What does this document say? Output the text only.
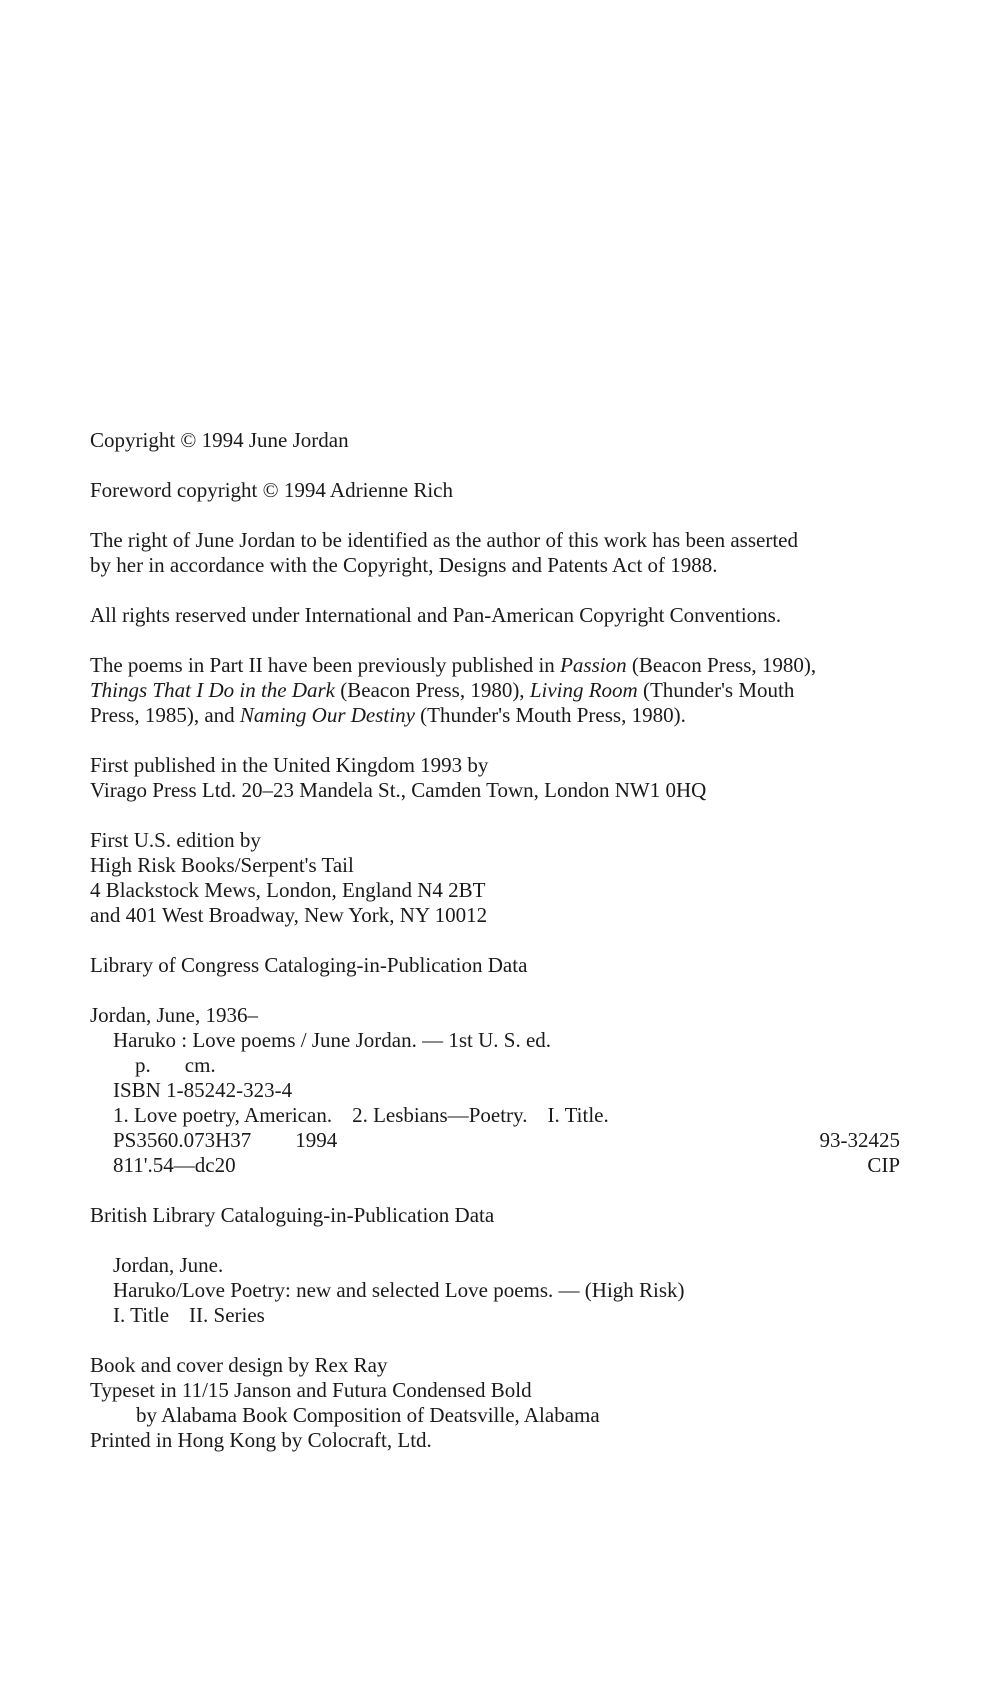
Copyright © 1994 June Jordan

Foreword copyright © 1994 Adrienne Rich

The right of June Jordan to be identified as the author of this work has been asserted
by her in accordance with the Copyright, Designs and Patents Act of 1988.

All rights reserved under International and Pan-American Copyright Conventions.

The poems in Part II have been previously published in Passion (Beacon Press, 1980),
Things That I Do in the Dark (Beacon Press, 1980), Living Room (Thunder's Mouth
Press, 1985), and Naming Our Destiny (Thunder's Mouth Press, 1980).
First published in the United Kingdom 1993 by
Virago Press Ltd. 20–23 Mandela St., Camden Town, London NW1 0HQ
First U.S. edition by
High Risk Books/Serpent's Tail
4 Blackstock Mews, London, England N4 2BT
and 401 West Broadway, New York, NY 10012

Library of Congress Cataloging-in-Publication Data

Jordan, June, 1936–
Haruko : Love poems / June Jordan. — 1st U. S. ed.
p. cm.
ISBN 1-85242-323-4
1. Love poetry, American. 2. Lesbians—Poetry. I. Title.
PS3560.073H37 1994	93-32425
811'.54—dc20	CIP

British Library Cataloguing-in-Publication Data

Jordan, June.
Haruko/Love Poetry: new and selected Love poems. — (High Risk)
I. Title II. Series
Book and cover design by Rex Ray
Typeset in 11/15 Janson and Futura Condensed Bold
by Alabama Book Composition of Deatsville, Alabama
Printed in Hong Kong by Colocraft, Ltd.
